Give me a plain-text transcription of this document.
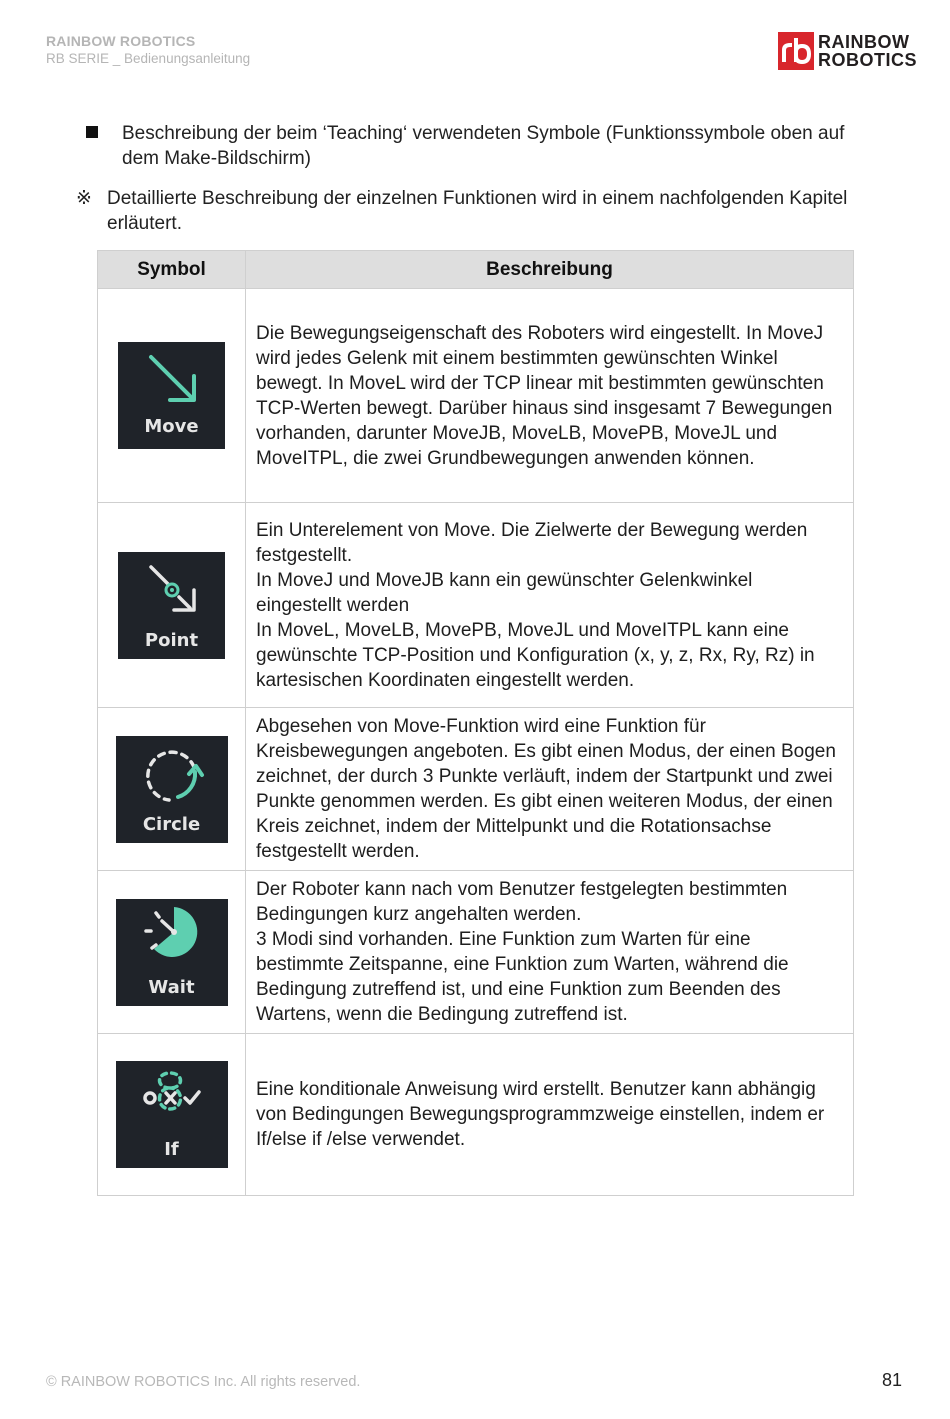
RAINBOW ROBOTICS
RB SERIE _ Bedienungsanleitung
RAINBOW
ROBOTICS
Beschreibung der beim ‘Teaching‘ verwendeten Symbole (Funktionssymbole oben auf dem Make-Bildschirm)
※ Detaillierte Beschreibung der einzelnen Funktionen wird in einem nachfolgenden Kapitel erläutert.
Symbol	Beschreibung

Move	Die Bewegungseigenschaft des Roboters wird eingestellt. In MoveJ wird jedes Gelenk mit einem bestimmten gewünschten Winkel bewegt. In MoveL wird der TCP linear mit bestimmten gewünschten TCP-Werten bewegt. Darüber hinaus sind insgesamt 7 Bewegungen vorhanden, darunter MoveJB, MoveLB, MovePB, MoveJL und MoveITPL, die zwei Grundbewegungen anwenden können.

Point	Ein Unterelement von Move. Die Zielwerte der Bewegung werden festgestellt.
In MoveJ und MoveJB kann ein gewünschter Gelenkwinkel eingestellt werden
In MoveL, MoveLB, MovePB, MoveJL und MoveITPL kann eine gewünschte TCP-Position und Konfiguration (x, y, z, Rx, Ry, Rz) in kartesischen Koordinaten eingestellt werden.

Circle	Abgesehen von Move-Funktion wird eine Funktion für Kreisbewegungen angeboten. Es gibt einen Modus, der einen Bogen zeichnet, der durch 3 Punkte verläuft, indem der Startpunkt und zwei Punkte genommen werden. Es gibt einen weiteren Modus, der einen Kreis zeichnet, indem der Mittelpunkt und die Rotationsachse festgestellt werden.

Wait	Der Roboter kann nach vom Benutzer festgelegten bestimmten Bedingungen kurz angehalten werden.
3 Modi sind vorhanden. Eine Funktion zum Warten für eine bestimmte Zeitspanne, eine Funktion zum Warten, während die Bedingung zutreffend ist, und eine Funktion zum Beenden des Wartens, wenn die Bedingung zutreffend ist.

If	Eine konditionale Anweisung wird erstellt. Benutzer kann abhängig von Bedingungen Bewegungsprogrammzweige einstellen, indem er If/else if /else verwendet.
© RAINBOW ROBOTICS Inc. All rights reserved.	81
